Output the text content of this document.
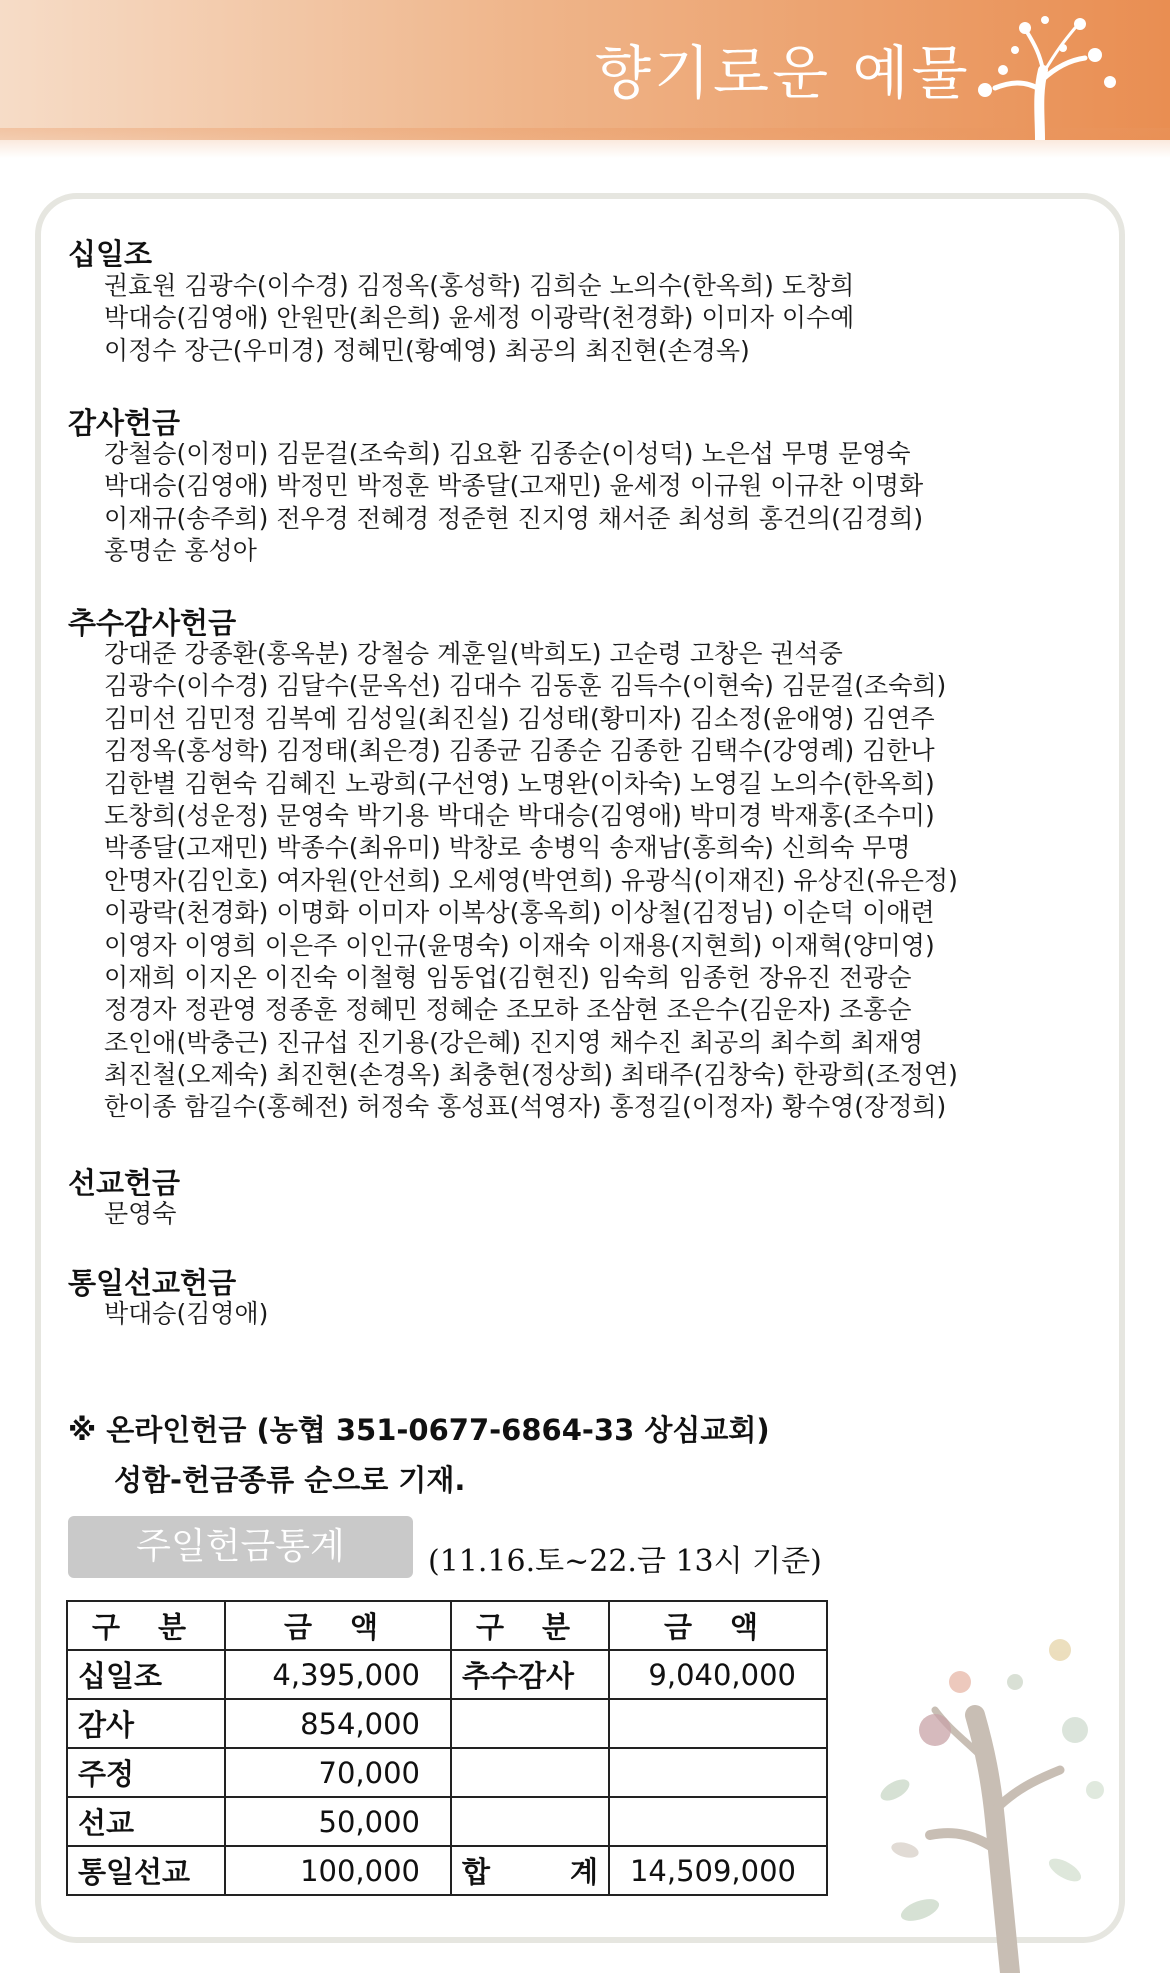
향기로운 예물
십일조
권효원 김광수(이수경) 김정옥(홍성학) 김희순 노의수(한옥희) 도창희
박대승(김영애) 안원만(최은희) 윤세정 이광락(천경화) 이미자 이수예
이정수 장근(우미경) 정혜민(황예영) 최공의 최진현(손경옥)
감사헌금
강철승(이정미) 김문걸(조숙희) 김요환 김종순(이성덕) 노은섭 무명 문영숙
박대승(김영애) 박정민 박정훈 박종달(고재민) 윤세정 이규원 이규찬 이명화
이재규(송주희) 전우경 전혜경 정준현 진지영 채서준 최성희 홍건의(김경희)
홍명순 홍성아
추수감사헌금
강대준 강종환(홍옥분) 강철승 계훈일(박희도) 고순령 고창은 권석중
김광수(이수경) 김달수(문옥선) 김대수 김동훈 김득수(이현숙) 김문걸(조숙희)
김미선 김민정 김복예 김성일(최진실) 김성태(황미자) 김소정(윤애영) 김연주
김정옥(홍성학) 김정태(최은경) 김종균 김종순 김종한 김택수(강영례) 김한나
김한별 김현숙 김혜진 노광희(구선영) 노명완(이차숙) 노영길 노의수(한옥희)
도창희(성운정) 문영숙 박기용 박대순 박대승(김영애) 박미경 박재홍(조수미)
박종달(고재민) 박종수(최유미) 박창로 송병익 송재남(홍희숙) 신희숙 무명
안명자(김인호) 여자원(안선희) 오세영(박연희) 유광식(이재진) 유상진(유은정)
이광락(천경화) 이명화 이미자 이복상(홍옥희) 이상철(김정님) 이순덕 이애련
이영자 이영희 이은주 이인규(윤명숙) 이재숙 이재용(지현희) 이재혁(양미영)
이재희 이지온 이진숙 이철형 임동업(김현진) 임숙희 임종헌 장유진 전광순
정경자 정관영 정종훈 정혜민 정혜순 조모하 조삼현 조은수(김운자) 조홍순
조인애(박충근) 진규섭 진기용(강은혜) 진지영 채수진 최공의 최수희 최재영
최진철(오제숙) 최진현(손경옥) 최충현(정상희) 최태주(김창숙) 한광희(조정연)
한이종 함길수(홍혜전) 허정숙 홍성표(석영자) 홍정길(이정자) 황수영(장정희)
선교헌금
문영숙
통일선교헌금
박대승(김영애)
※ 온라인헌금 (농협 351-0677-6864-33 상심교회)
성함-헌금종류 순으로 기재.
주일헌금통계	(11.16.토~22.금 13시 기준)
구 분	금 액	구 분	금 액
십일조	4,395,000	추수감사	9,040,000
감사	854,000		
주정	70,000		
선교	50,000		
통일선교	100,000	합 계	14,509,000
